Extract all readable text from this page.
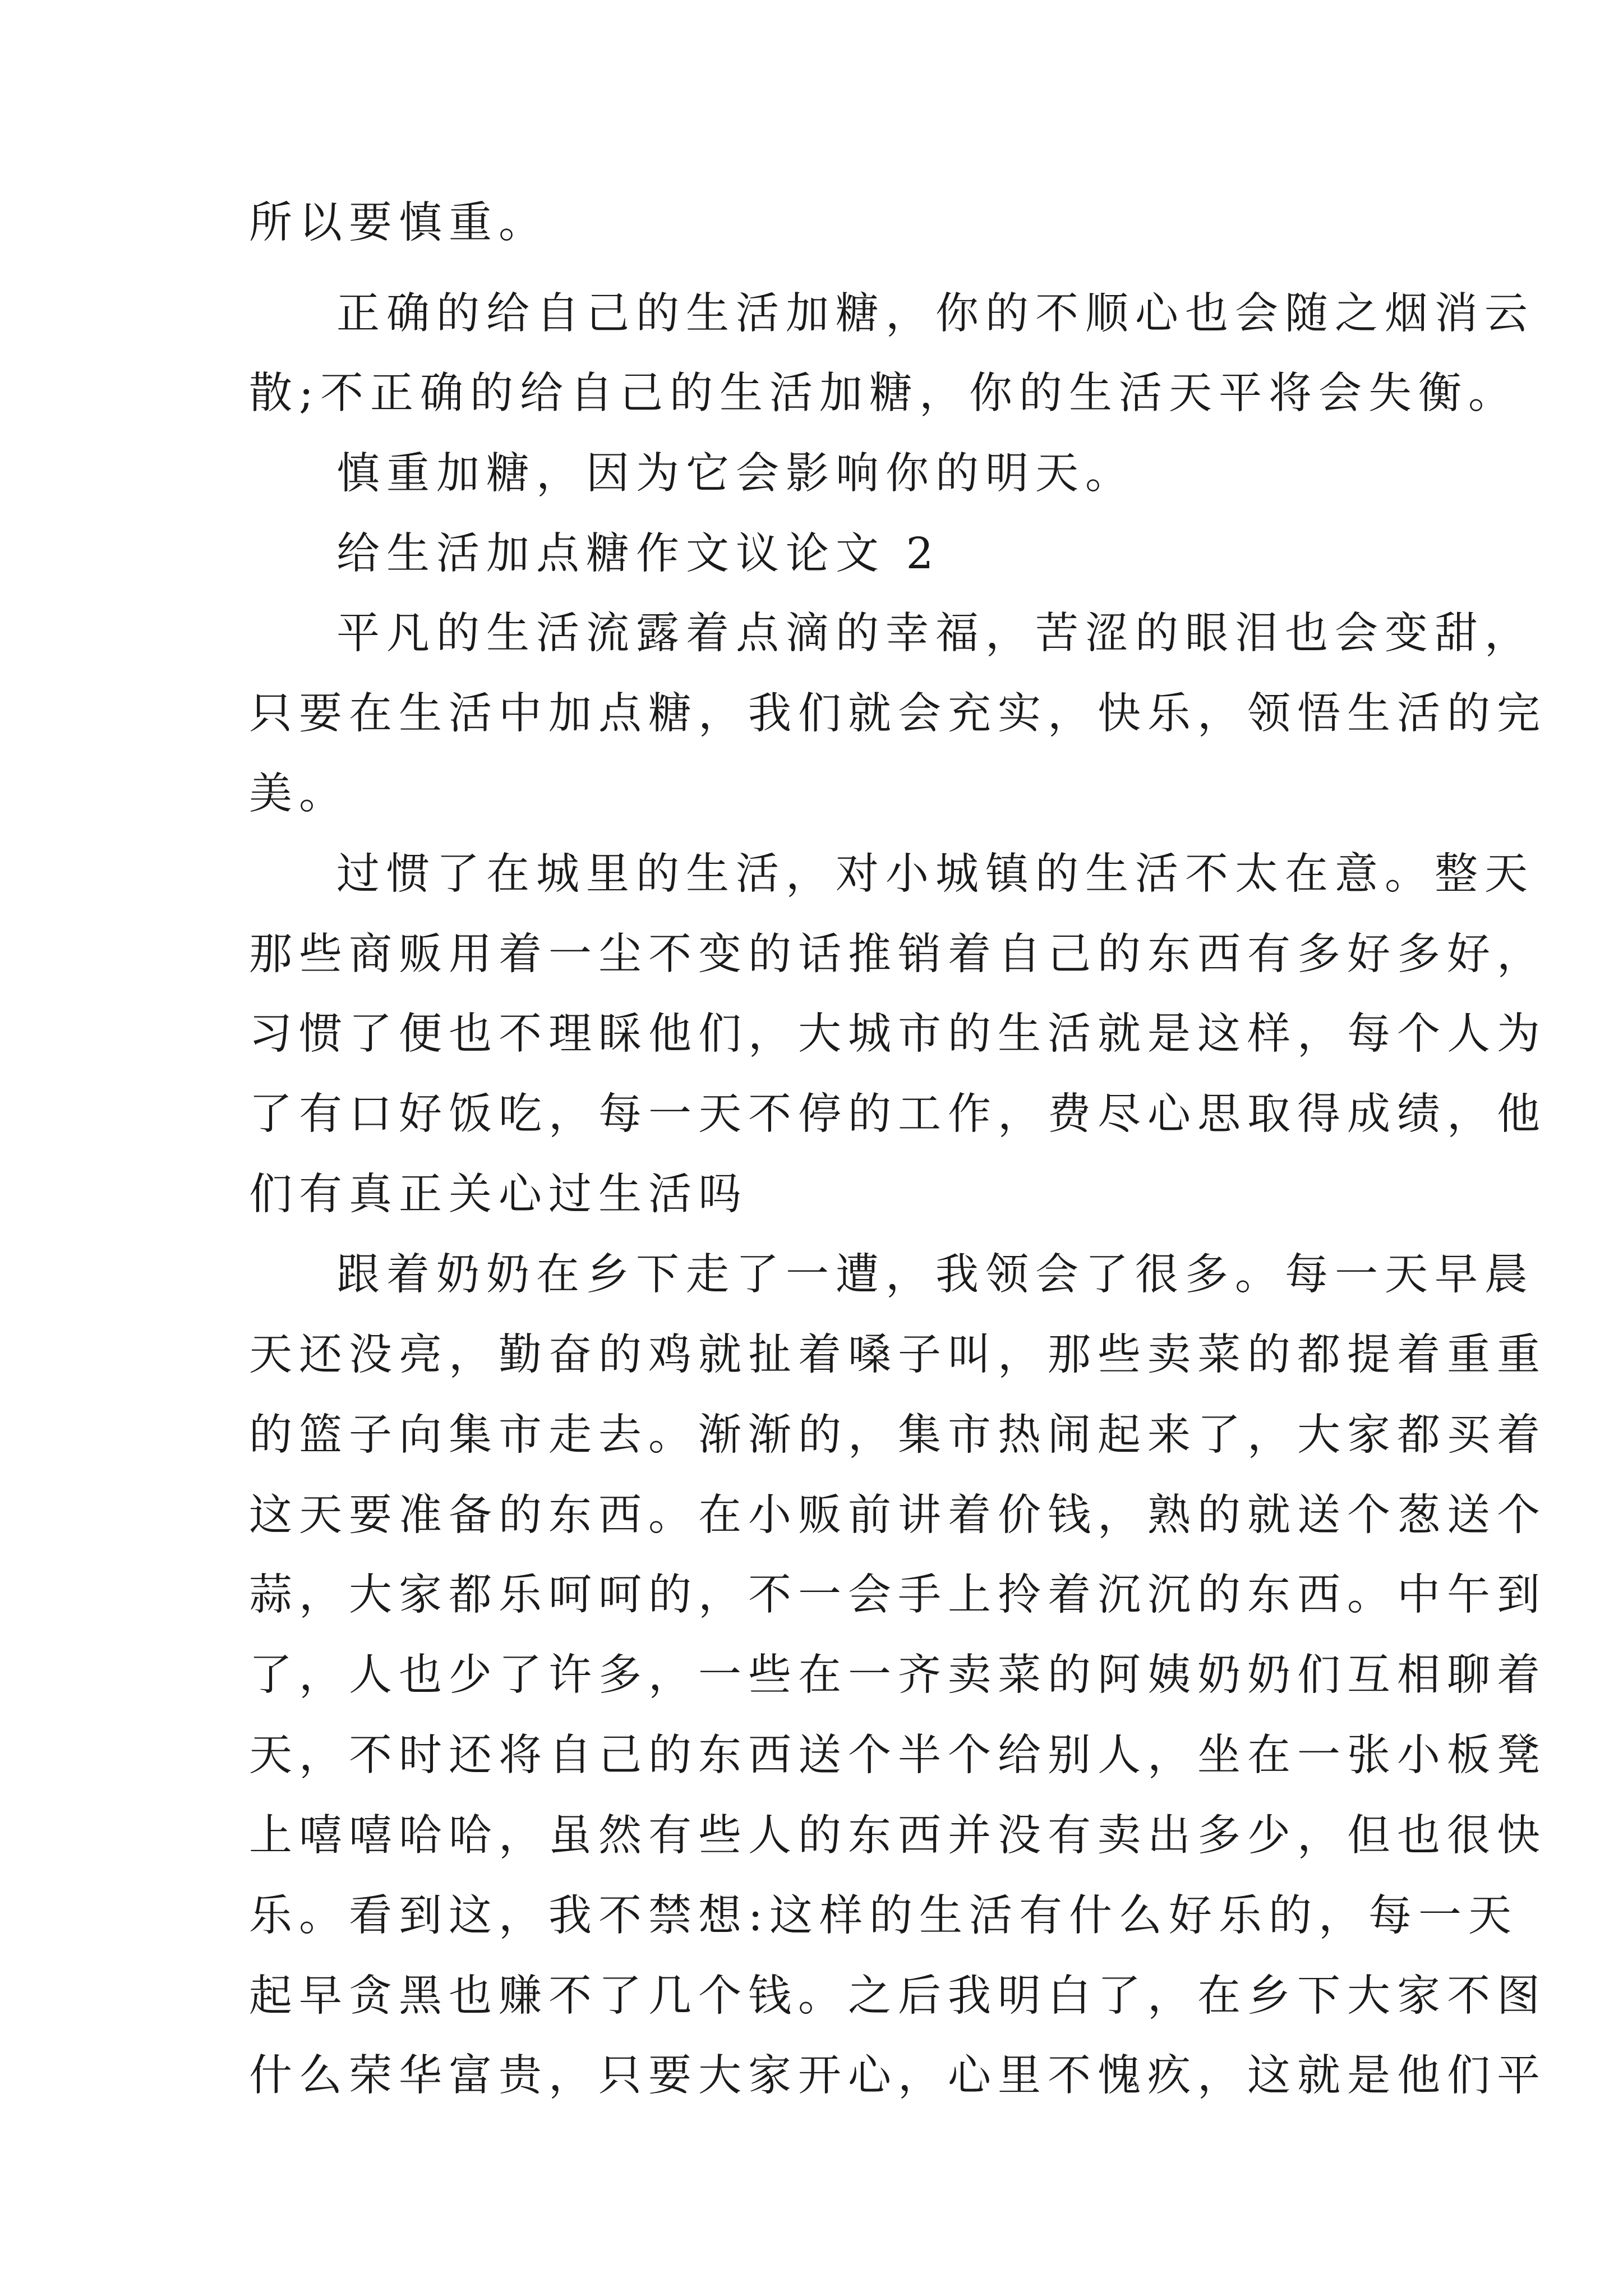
所以要慎重。
正确的给自己的生活加糖，你的不顺心也会随之烟消云
散;不正确的给自己的生活加糖，你的生活天平将会失衡。
慎重加糖，因为它会影响你的明天。
给生活加点糖作文议论文 2
平凡的生活流露着点滴的幸福，苦涩的眼泪也会变甜，
只要在生活中加点糖，我们就会充实，快乐，领悟生活的完
美。
过惯了在城里的生活，对小城镇的生活不太在意。整天
那些商贩用着一尘不变的话推销着自己的东西有多好多好，
习惯了便也不理睬他们，大城市的生活就是这样，每个人为
了有口好饭吃，每一天不停的工作，费尽心思取得成绩，他
们有真正关心过生活吗
跟着奶奶在乡下走了一遭，我领会了很多。每一天早晨
天还没亮，勤奋的鸡就扯着嗓子叫，那些卖菜的都提着重重
的篮子向集市走去。渐渐的，集市热闹起来了，大家都买着
这天要准备的东西。在小贩前讲着价钱，熟的就送个葱送个
蒜，大家都乐呵呵的，不一会手上拎着沉沉的东西。中午到
了，人也少了许多，一些在一齐卖菜的阿姨奶奶们互相聊着
天，不时还将自己的东西送个半个给别人，坐在一张小板凳
上嘻嘻哈哈，虽然有些人的东西并没有卖出多少，但也很快
乐。看到这，我不禁想:这样的生活有什么好乐的，每一天
起早贪黑也赚不了几个钱。之后我明白了，在乡下大家不图
什么荣华富贵，只要大家开心，心里不愧疚，这就是他们平
